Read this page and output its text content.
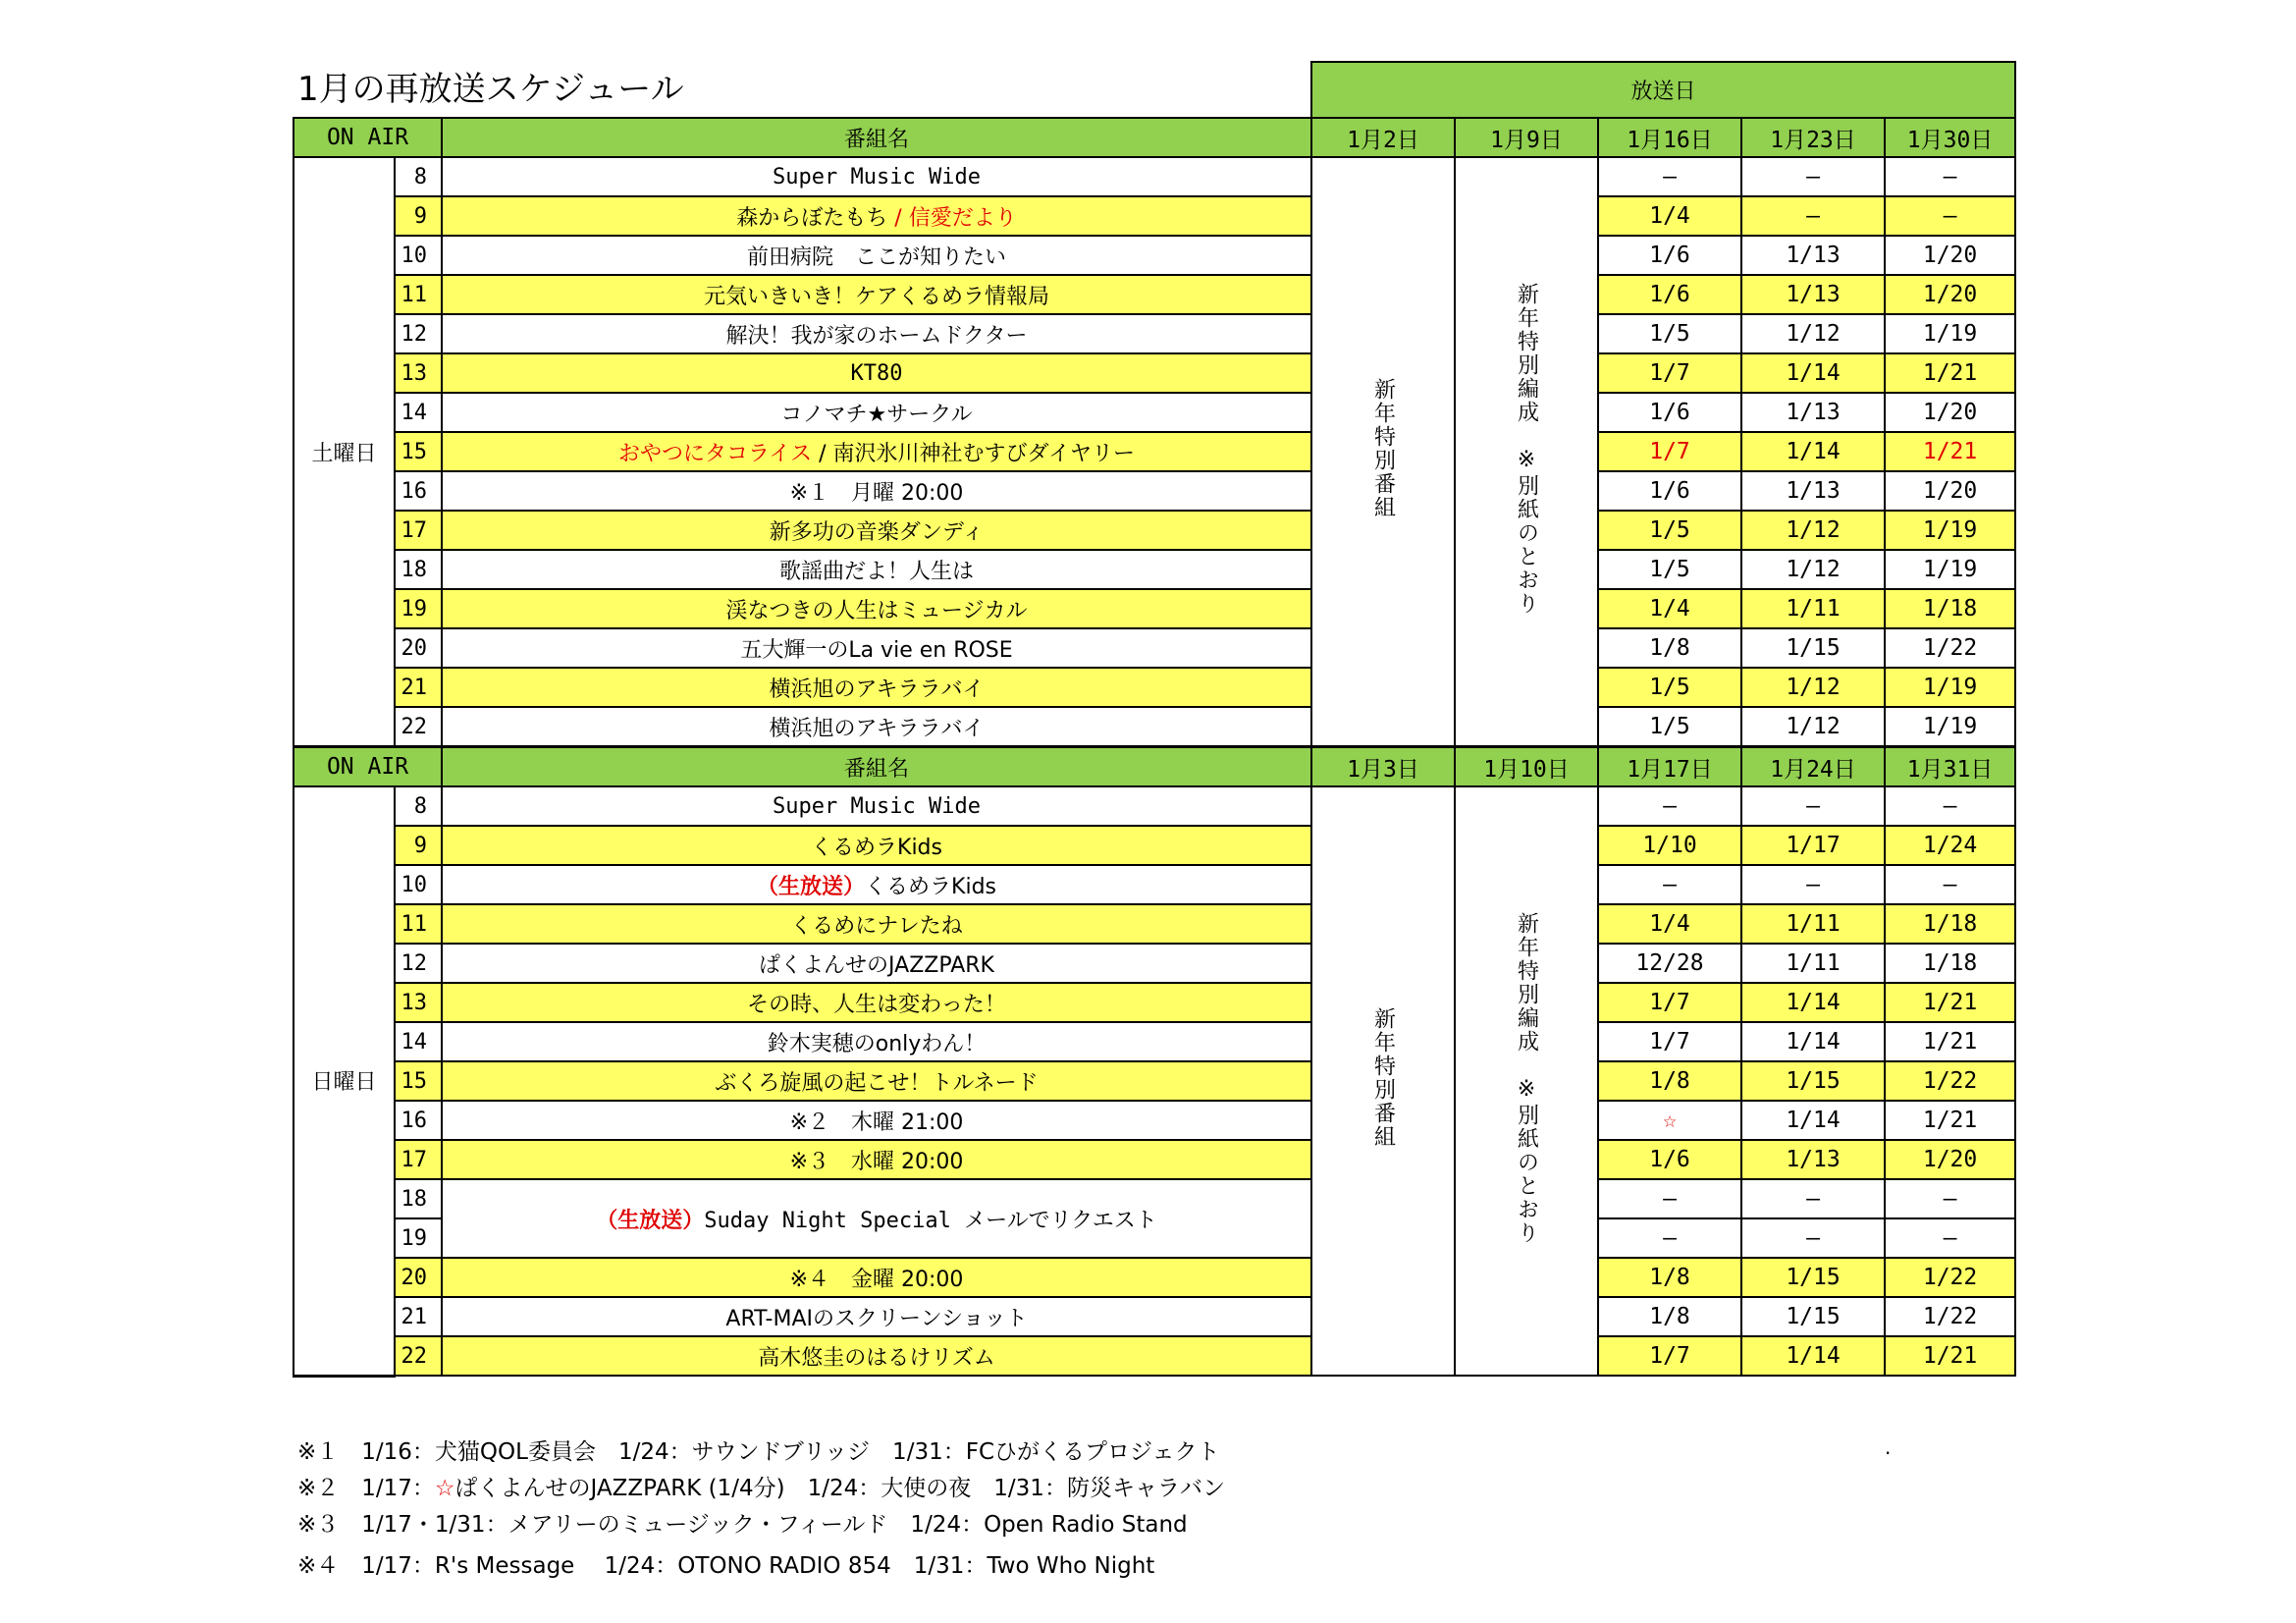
1月の再放送スケジュール
			放送日				
ON AIR		番組名	1月2日	1月9日	1月16日	1月23日	1月30日
土曜日	8	Super Music Wide	新年特別番組	新年特別編成　※別紙のとおり	—	—	—
	9	森からぼたもち / 信愛だより			1/4	—	—
	10	前田病院　ここが知りたい			1/6	1/13	1/20
	11	元気いきいき！ケアくるめラ情報局			1/6	1/13	1/20
	12	解決！我が家のホームドクター			1/5	1/12	1/19
	13	KT80			1/7	1/14	1/21
	14	コノマチ★サークル			1/6	1/13	1/20
	15	おやつにタコライス / 南沢氷川神社むすびダイヤリー			1/7	1/14	1/21
	16	※１　月曜 20:00			1/6	1/13	1/20
	17	新多功の音楽ダンディ			1/5	1/12	1/19
	18	歌謡曲だよ！人生は			1/5	1/12	1/19
	19	渓なつきの人生はミュージカル			1/4	1/11	1/18
	20	五大輝一のLa vie en ROSE			1/8	1/15	1/22
	21	横浜旭のアキララバイ			1/5	1/12	1/19
	22	横浜旭のアキララバイ			1/5	1/12	1/19
ON AIR		番組名	1月3日	1月10日	1月17日	1月24日	1月31日
日曜日	8	Super Music Wide	新年特別番組	新年特別編成　※別紙のとおり	—	—	—
	9	くるめラKids			1/10	1/17	1/24
	10	（生放送）くるめラKids			—	—	—
	11	くるめにナレたね			1/4	1/11	1/18
	12	ぱくよんせのJAZZPARK			12/28	1/11	1/18
	13	その時、人生は変わった！			1/7	1/14	1/21
	14	鈴木実穂のonlyわん！			1/7	1/14	1/21
	15	ぶくろ旋風の起こせ！トルネード			1/8	1/15	1/22
	16	※２　木曜 21:00			☆	1/14	1/21
	17	※３　水曜 20:00			1/6	1/13	1/20
	18	（生放送）Suday Night Special メールでリクエスト			—	—	—
	19				—	—	—
	20	※４　金曜 20:00			1/8	1/15	1/22
	21	ART-MAIのスクリーンショット			1/8	1/15	1/22
	22	高木悠圭のはるけリズム			1/7	1/14	1/21
※１　1/16：犬猫QOL委員会　1/24：サウンドブリッジ　1/31：FCひがくるプロジェクト
※２　1/17：☆ぱくよんせのJAZZPARK (1/4分)　1/24：大使の夜　1/31：防災キャラバン
※３　1/17・1/31：メアリーのミュージック・フィールド　1/24：Open Radio Stand
※４　1/17：R's Message　 1/24：OTONO RADIO 854　1/31：Two Who Night
.
